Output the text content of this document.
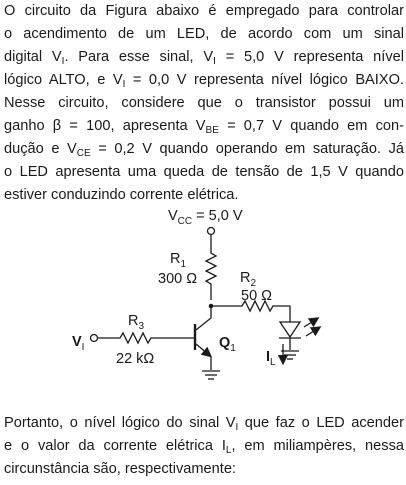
O circuito da Figura abaixo é empregado para controlar
o acendimento de um LED, de acordo com um sinal
digital $V_I$. Para esse sinal, $V_I = 5,0$ V representa nível
lógico ALTO, e $V_I = 0,0$ V representa nível lógico BAIXO.
Nesse circuito, considere que o transistor possui um
ganho β = 100, apresenta $V_{BE} = 0,7$ V quando em con-
dução e $V_{CE} = 0,2$ V quando operando em saturação. Já
o LED apresenta uma queda de tensão de 1,5 V quando
estiver conduzindo corrente elétrica.
$V_{CC} = 5,0$ V
$R_1$
300 Ω	$R_2$
50 Ω
$I_L$
$Q_1$
$V_I$
$R_3$
22 kΩ
Portanto, o nível lógico do sinal $V_I$ que faz o LED acender
e o valor da corrente elétrica $I_L$, em miliampères, nessa
circunstância são, respectivamente:
